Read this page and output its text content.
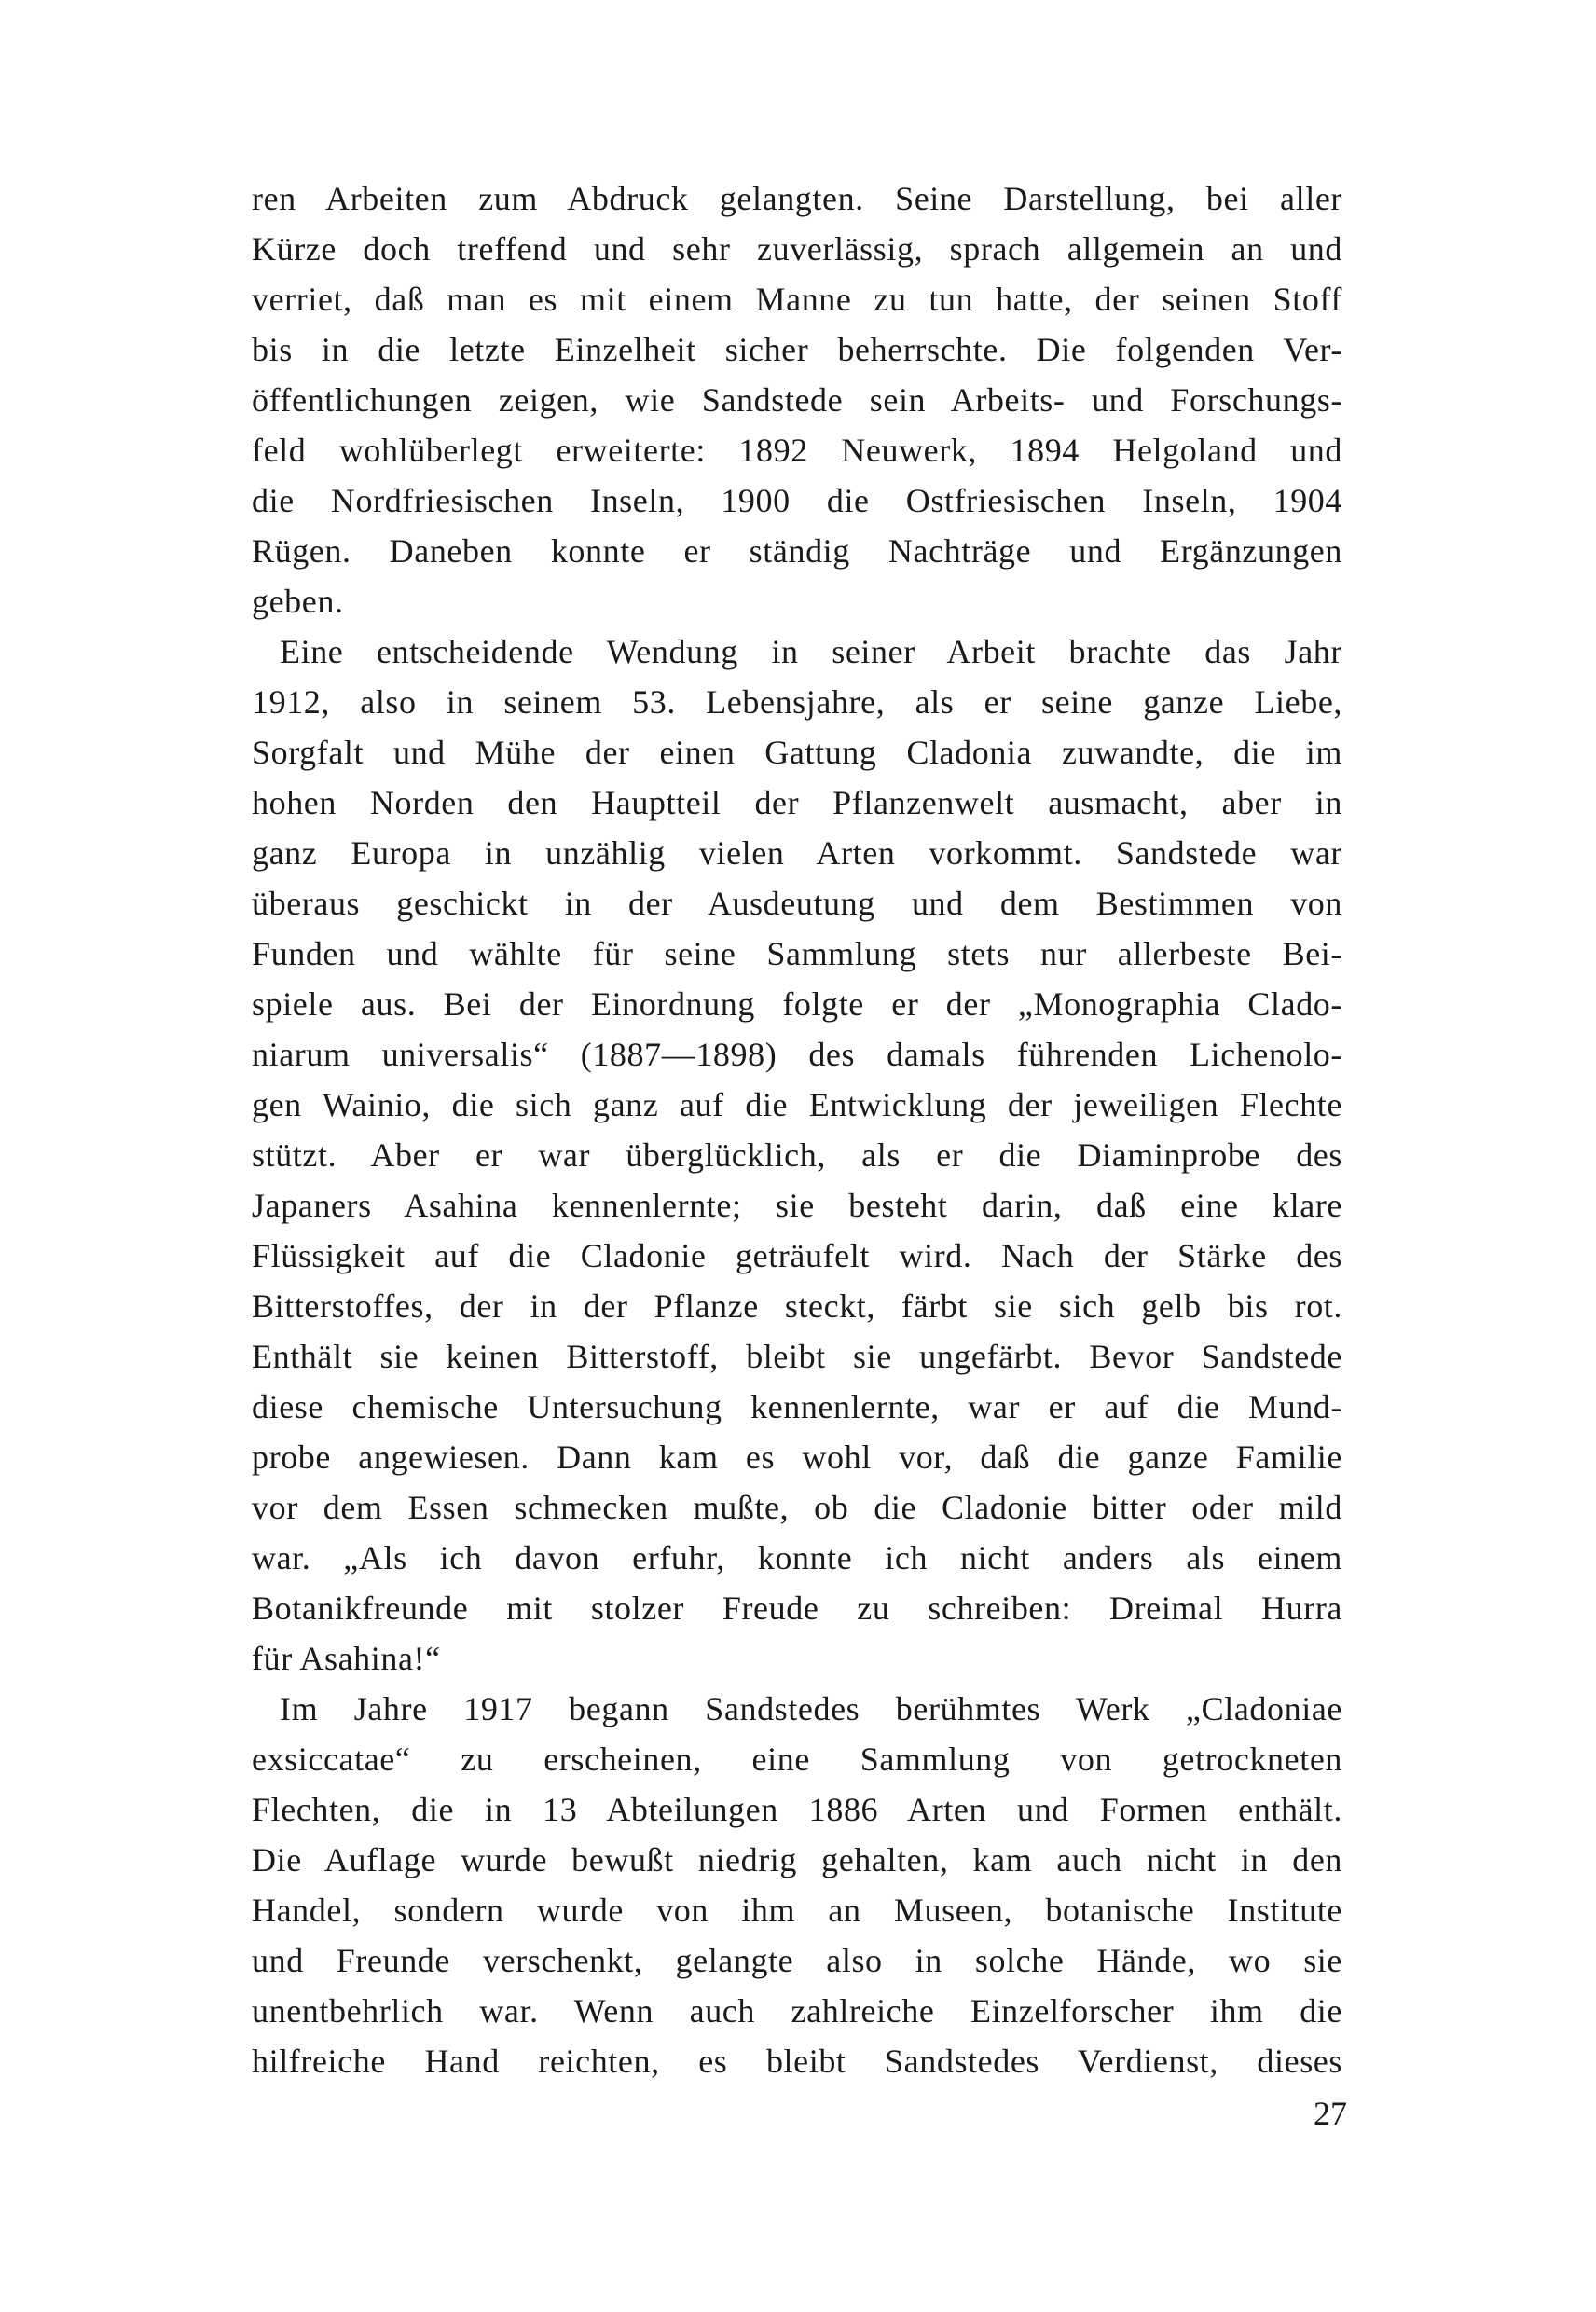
ren Arbeiten zum Abdruck gelangten. Seine Darstellung, bei aller
Kürze doch treffend und sehr zuverlässig, sprach allgemein an und
verriet, daß man es mit einem Manne zu tun hatte, der seinen Stoff
bis in die letzte Einzelheit sicher beherrschte. Die folgenden Ver-
öffentlichungen zeigen, wie Sandstede sein Arbeits- und Forschungs-
feld wohlüberlegt erweiterte: 1892 Neuwerk, 1894 Helgoland und
die Nordfriesischen Inseln, 1900 die Ostfriesischen Inseln, 1904
Rügen. Daneben konnte er ständig Nachträge und Ergänzungen
geben.
Eine entscheidende Wendung in seiner Arbeit brachte das Jahr
1912, also in seinem 53. Lebensjahre, als er seine ganze Liebe,
Sorgfalt und Mühe der einen Gattung Cladonia zuwandte, die im
hohen Norden den Hauptteil der Pflanzenwelt ausmacht, aber in
ganz Europa in unzählig vielen Arten vorkommt. Sandstede war
überaus geschickt in der Ausdeutung und dem Bestimmen von
Funden und wählte für seine Sammlung stets nur allerbeste Bei-
spiele aus. Bei der Einordnung folgte er der „Monographia Cladο-
niarum universalis“ (1887—1898) des damals führenden Lichenolo-
gen Wainio, die sich ganz auf die Entwicklung der jeweiligen Flechte
stützt. Aber er war überglücklich, als er die Diaminprobe des
Japaners Asahina kennenlernte; sie besteht darin, daß eine klare
Flüssigkeit auf die Cladonie geträufelt wird. Nach der Stärke des
Bitterstoffes, der in der Pflanze steckt, färbt sie sich gelb bis rot.
Enthält sie keinen Bitterstoff, bleibt sie ungefärbt. Bevor Sandstede
diese chemische Untersuchung kennenlernte, war er auf die Mund-
probe angewiesen. Dann kam es wohl vor, daß die ganze Familie
vor dem Essen schmecken mußte, ob die Cladonie bitter oder mild
war. „Als ich davon erfuhr, konnte ich nicht anders als einem
Botanikfreunde mit stolzer Freude zu schreiben: Dreimal Hurra
für Asahina!“
Im Jahre 1917 begann Sandstedes berühmtes Werk „Cladoniae
exsiccatae“ zu erscheinen, eine Sammlung von getrockneten
Flechten, die in 13 Abteilungen 1886 Arten und Formen enthält.
Die Auflage wurde bewußt niedrig gehalten, kam auch nicht in den
Handel, sondern wurde von ihm an Museen, botanische Institute
und Freunde verschenkt, gelangte also in solche Hände, wo sie
unentbehrlich war. Wenn auch zahlreiche Einzelforscher ihm die
hilfreiche Hand reichten, es bleibt Sandstedes Verdienst, dieses
27
